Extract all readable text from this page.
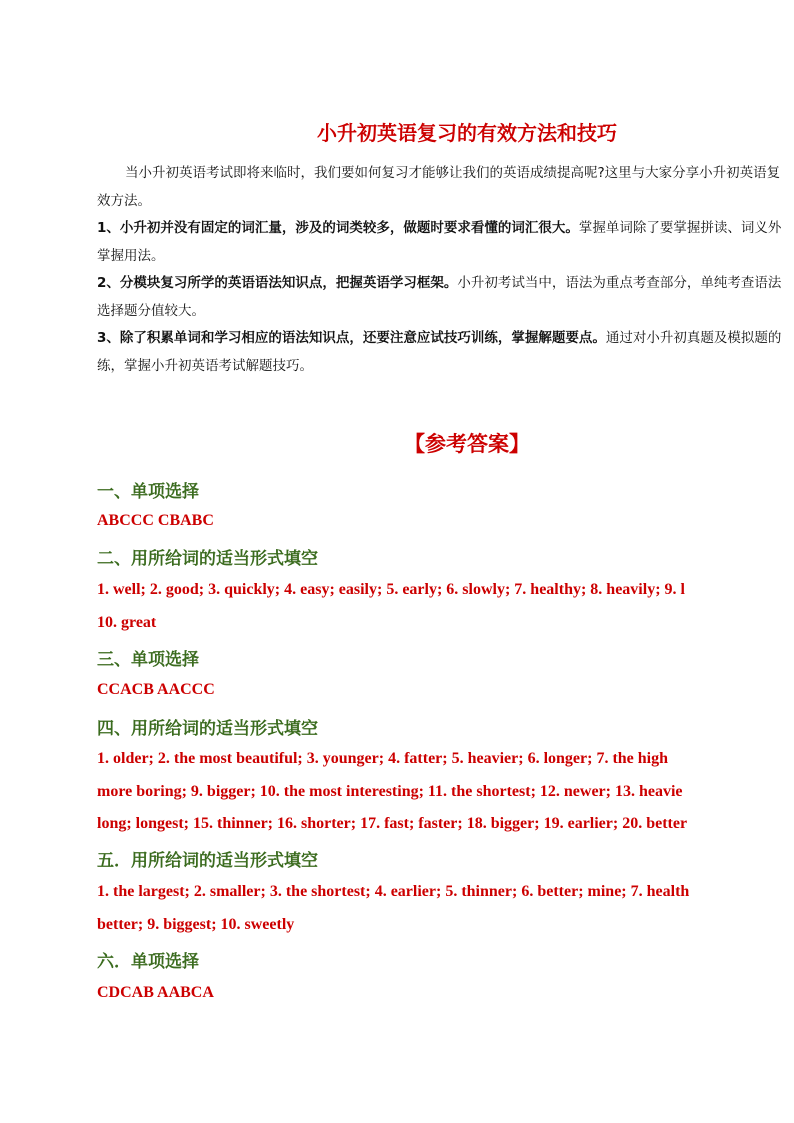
小升初英语复习的有效方法和技巧

当小升初英语考试即将来临时，我们要如何复习才能够让我们的英语成绩提高呢?这里与大家分享小升初英语复

效方法。

1、小升初并没有固定的词汇量，涉及的词类较多，做题时要求看懂的词汇很大。掌握单词除了要掌握拼读、词义外

掌握用法。

2、分模块复习所学的英语语法知识点，把握英语学习框架。小升初考试当中，语法为重点考查部分，单纯考查语法

选择题分值较大。

3、除了积累单词和学习相应的语法知识点，还要注意应试技巧训练，掌握解题要点。通过对小升初真题及模拟题的

练，掌握小升初英语考试解题技巧。

【参考答案】
一、单项选择
ABCCC CBABC
二、用所给词的适当形式填空
1. well; 2. good; 3. quickly; 4. easy; easily; 5. early; 6. slowly; 7. healthy; 8. heavily; 9. l
10. great
三、单项选择
CCACB AACCC
四、用所给词的适当形式填空
1. older; 2. the most beautiful; 3. younger; 4. fatter; 5. heavier; 6. longer; 7. the high
more boring; 9. bigger; 10. the most interesting; 11. the shortest; 12. newer; 13. heavie
long; longest; 15. thinner; 16. shorter; 17. fast; faster; 18. bigger; 19. earlier; 20. better
五．用所给词的适当形式填空
1. the largest; 2. smaller; 3. the shortest; 4. earlier; 5. thinner; 6. better; mine; 7. health
better; 9. biggest; 10. sweetly
六．单项选择
CDCAB AABCA
